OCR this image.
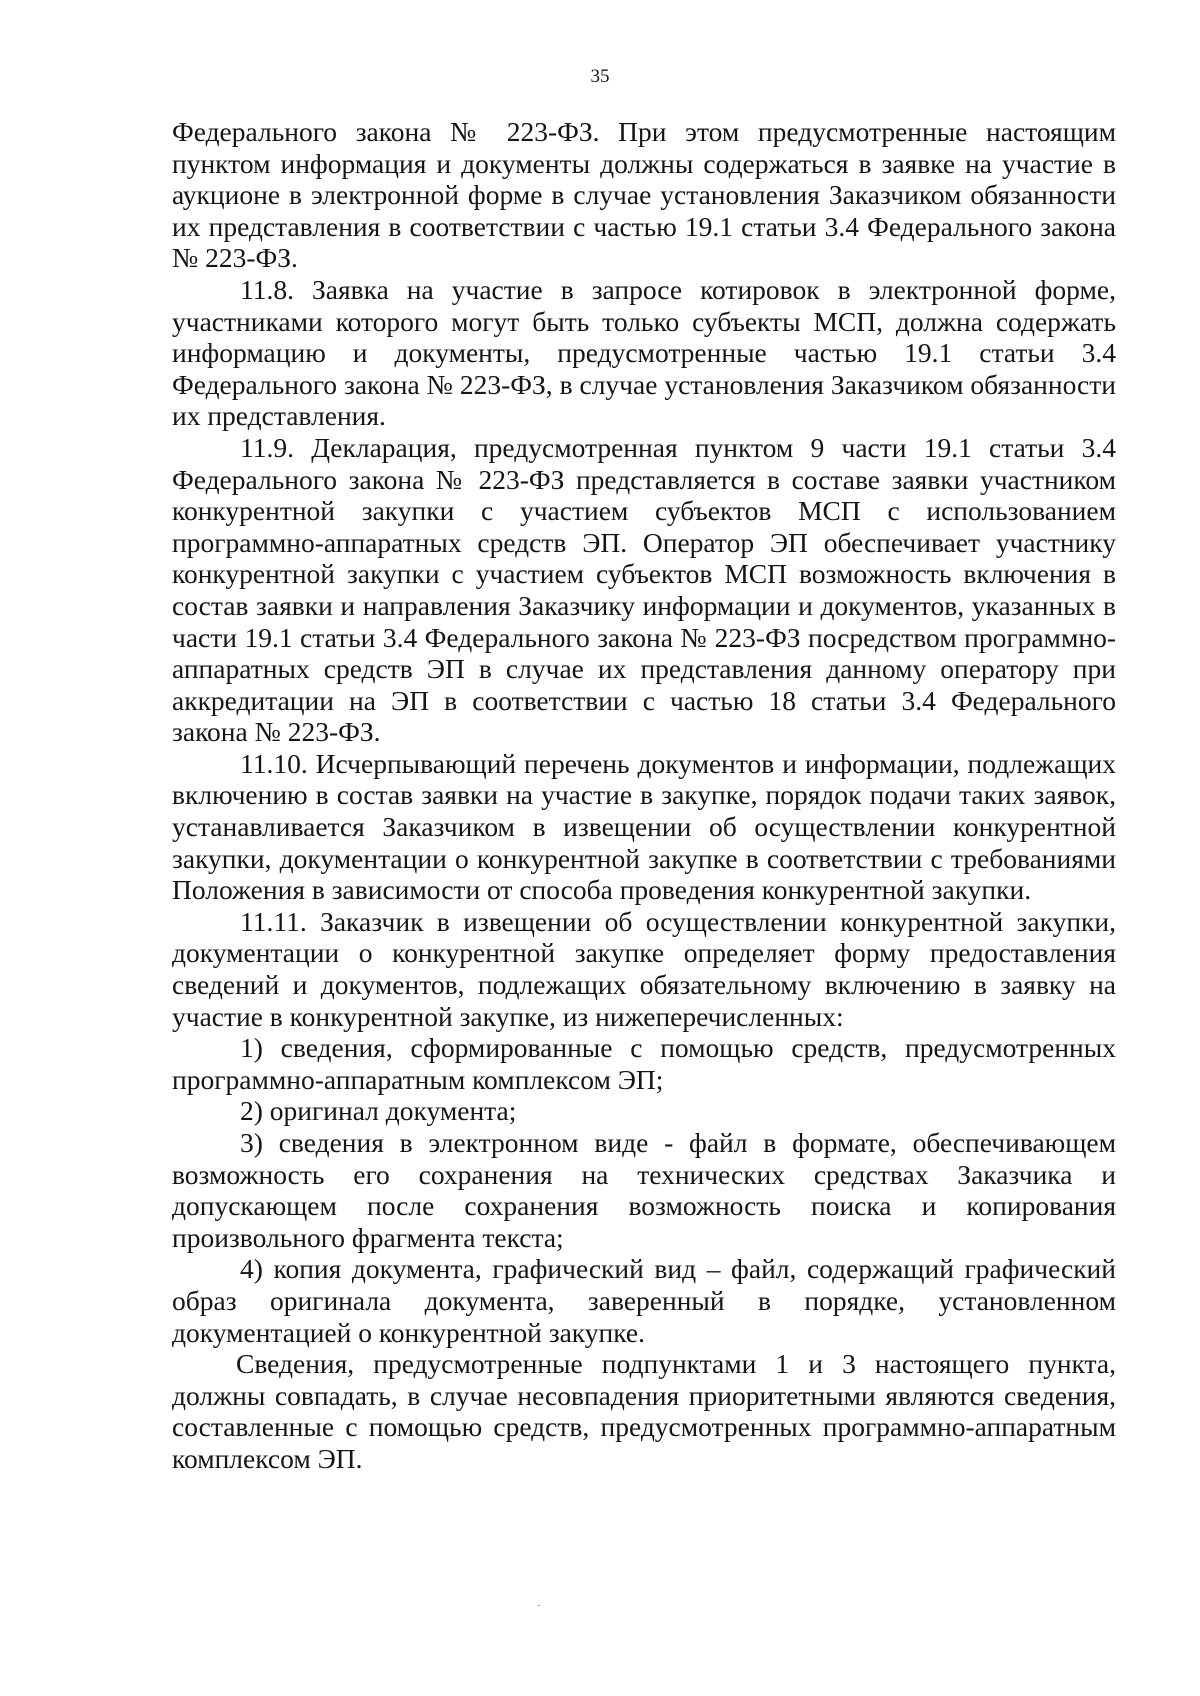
35

Федерального закона № 223-ФЗ. При этом предусмотренные настоящим пунктом информация и документы должны содержаться в заявке на участие в аукционе в электронной форме в случае установления Заказчиком обязанности их представления в соответствии с частью 19.1 статьи 3.4 Федерального закона № 223-ФЗ.

11.8. Заявка на участие в запросе котировок в электронной форме, участниками которого могут быть только субъекты МСП, должна содержать информацию и документы, предусмотренные частью 19.1 статьи 3.4 Федерального закона № 223-ФЗ, в случае установления Заказчиком обязанности их представления.

11.9. Декларация, предусмотренная пунктом 9 части 19.1 статьи 3.4 Федерального закона № 223-ФЗ представляется в составе заявки участником конкурентной закупки с участием субъектов МСП с использованием программно-аппаратных средств ЭП. Оператор ЭП обеспечивает участнику конкурентной закупки с участием субъектов МСП возможность включения в состав заявки и направления Заказчику информации и документов, указанных в части 19.1 статьи 3.4 Федерального закона № 223-ФЗ посредством программно-аппаратных средств ЭП в случае их представления данному оператору при аккредитации на ЭП в соответствии с частью 18 статьи 3.4 Федерального закона № 223-ФЗ.

11.10. Исчерпывающий перечень документов и информации, подлежащих включению в состав заявки на участие в закупке, порядок подачи таких заявок, устанавливается Заказчиком в извещении об осуществлении конкурентной закупки, документации о конкурентной закупке в соответствии с требованиями Положения в зависимости от способа проведения конкурентной закупки.

11.11. Заказчик в извещении об осуществлении конкурентной закупки, документации о конкурентной закупке определяет форму предоставления сведений и документов, подлежащих обязательному включению в заявку на участие в конкурентной закупке, из нижеперечисленных:

1) сведения, сформированные с помощью средств, предусмотренных программно-аппаратным комплексом ЭП;

2) оригинал документа;

3) сведения в электронном виде - файл в формате, обеспечивающем возможность его сохранения на технических средствах Заказчика и допускающем после сохранения возможность поиска и копирования произвольного фрагмента текста;

4) копия документа, графический вид – файл, содержащий графический образ оригинала документа, заверенный в порядке, установленном документацией о конкурентной закупке.

Сведения, предусмотренные подпунктами 1 и 3 настоящего пункта, должны совпадать, в случае несовпадения приоритетными являются сведения, составленные с помощью средств, предусмотренных программно-аппаратным комплексом ЭП.
